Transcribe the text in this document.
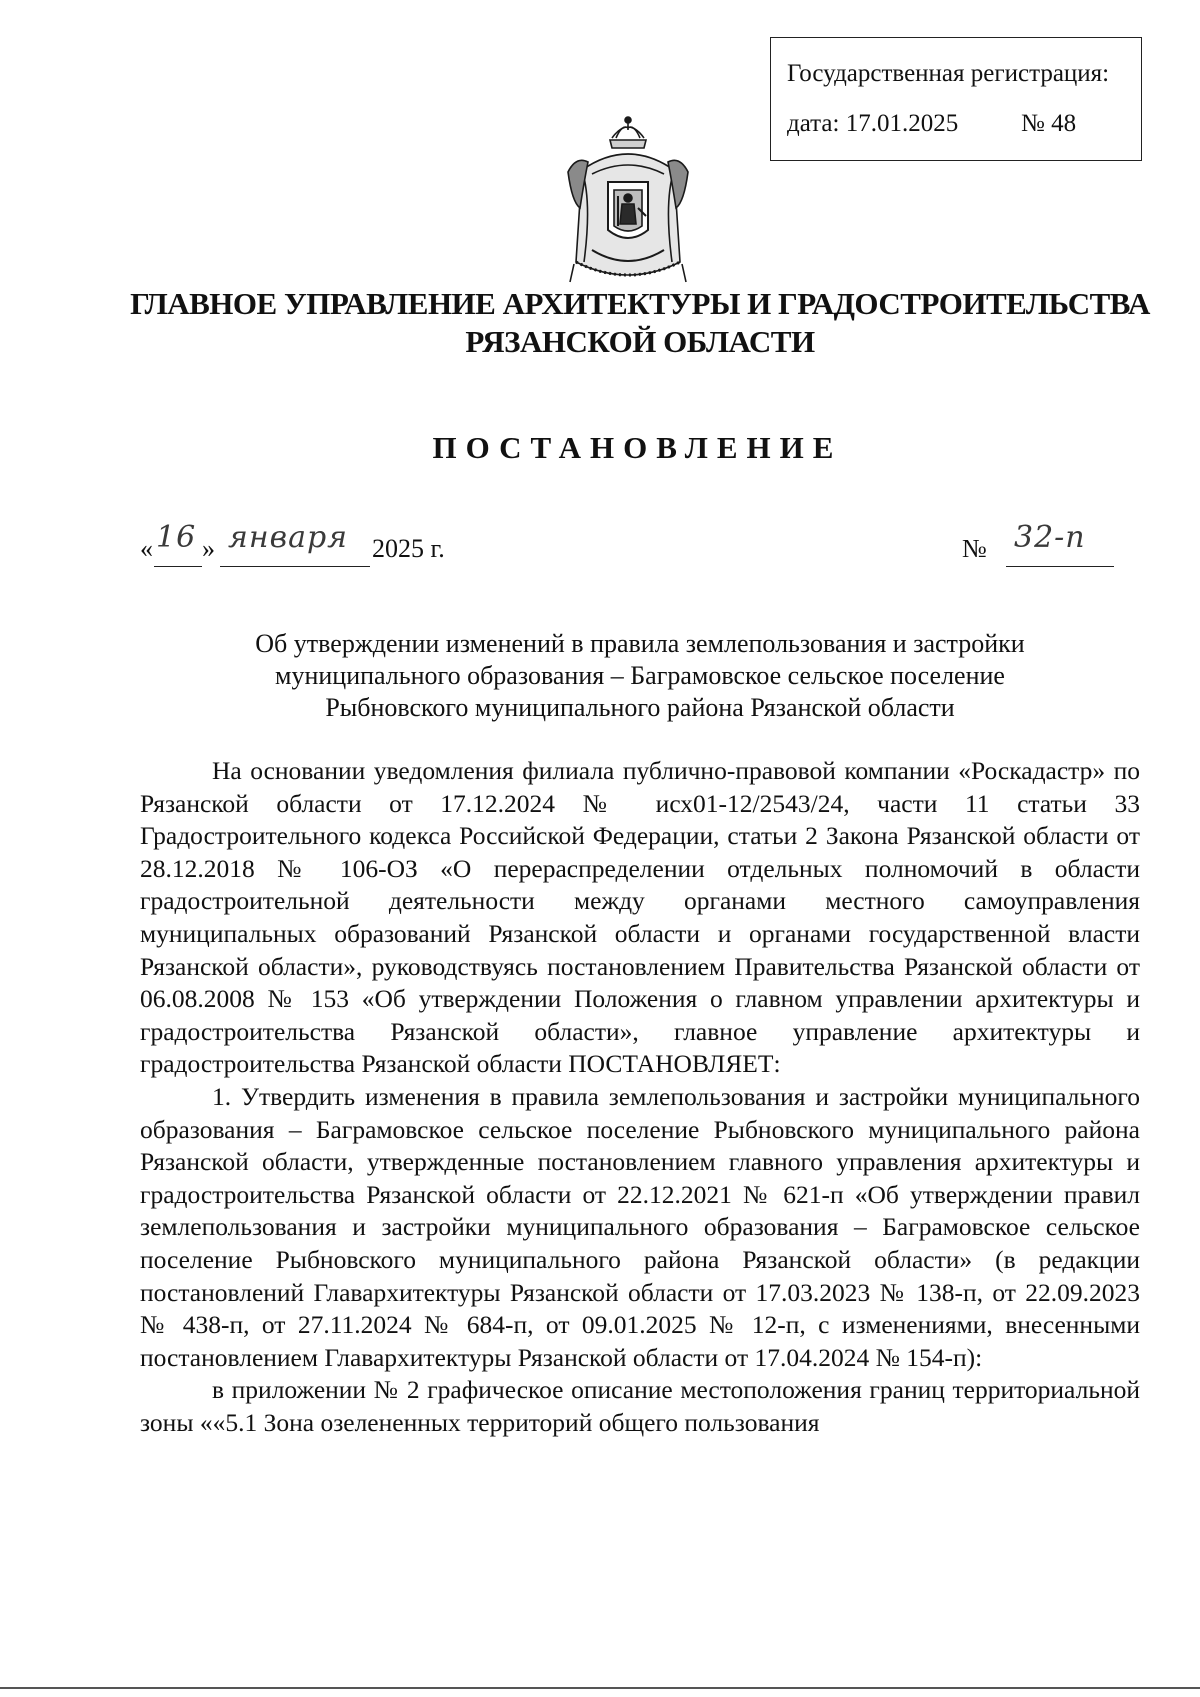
Государственная регистрация:
дата: 17.01.2025	№ 48
ГЛАВНОЕ УПРАВЛЕНИЕ АРХИТЕКТУРЫ И ГРАДОСТРОИТЕЛЬСТВА
РЯЗАНСКОЙ ОБЛАСТИ
ПОСТАНОВЛЕНИЕ
« 16 » января 2025 г.	№ 32-п
Об утверждении изменений в правила землепользования и застройки
муниципального образования – Баграмовское сельское поселение
Рыбновского муниципального района Рязанской области

На основании уведомления филиала публично-правовой компании «Роскадастр» по Рязанской области от 17.12.2024 № исх01-12/2543/24, части 11 статьи 33 Градостроительного кодекса Российской Федерации, статьи 2 Закона Рязанской области от 28.12.2018 № 106-ОЗ «О перераспределении отдельных полномочий в области градостроительной деятельности между органами местного самоуправления муниципальных образований Рязанской области и органами государственной власти Рязанской области», руководствуясь постановлением Правительства Рязанской области от 06.08.2008 № 153 «Об утверждении Положения о главном управлении архитектуры и градостроительства Рязанской области», главное управление архитектуры и градостроительства Рязанской области ПОСТАНОВЛЯЕТ:

1. Утвердить изменения в правила землепользования и застройки муниципального образования – Баграмовское сельское поселение Рыбновского муниципального района Рязанской области, утвержденные постановлением главного управления архитектуры и градостроительства Рязанской области от 22.12.2021 № 621-п «Об утверждении правил землепользования и застройки муниципального образования – Баграмовское сельское поселение Рыбновского муниципального района Рязанской области» (в редакции постановлений Главархитектуры Рязанской области от 17.03.2023 № 138-п, от 22.09.2023 № 438-п, от 27.11.2024 № 684-п, от 09.01.2025 № 12-п, с изменениями, внесенными постановлением Главархитектуры Рязанской области от 17.04.2024 № 154-п):

в приложении № 2 графическое описание местоположения границ территориальной зоны ««5.1 Зона озелененных территорий общего пользования
